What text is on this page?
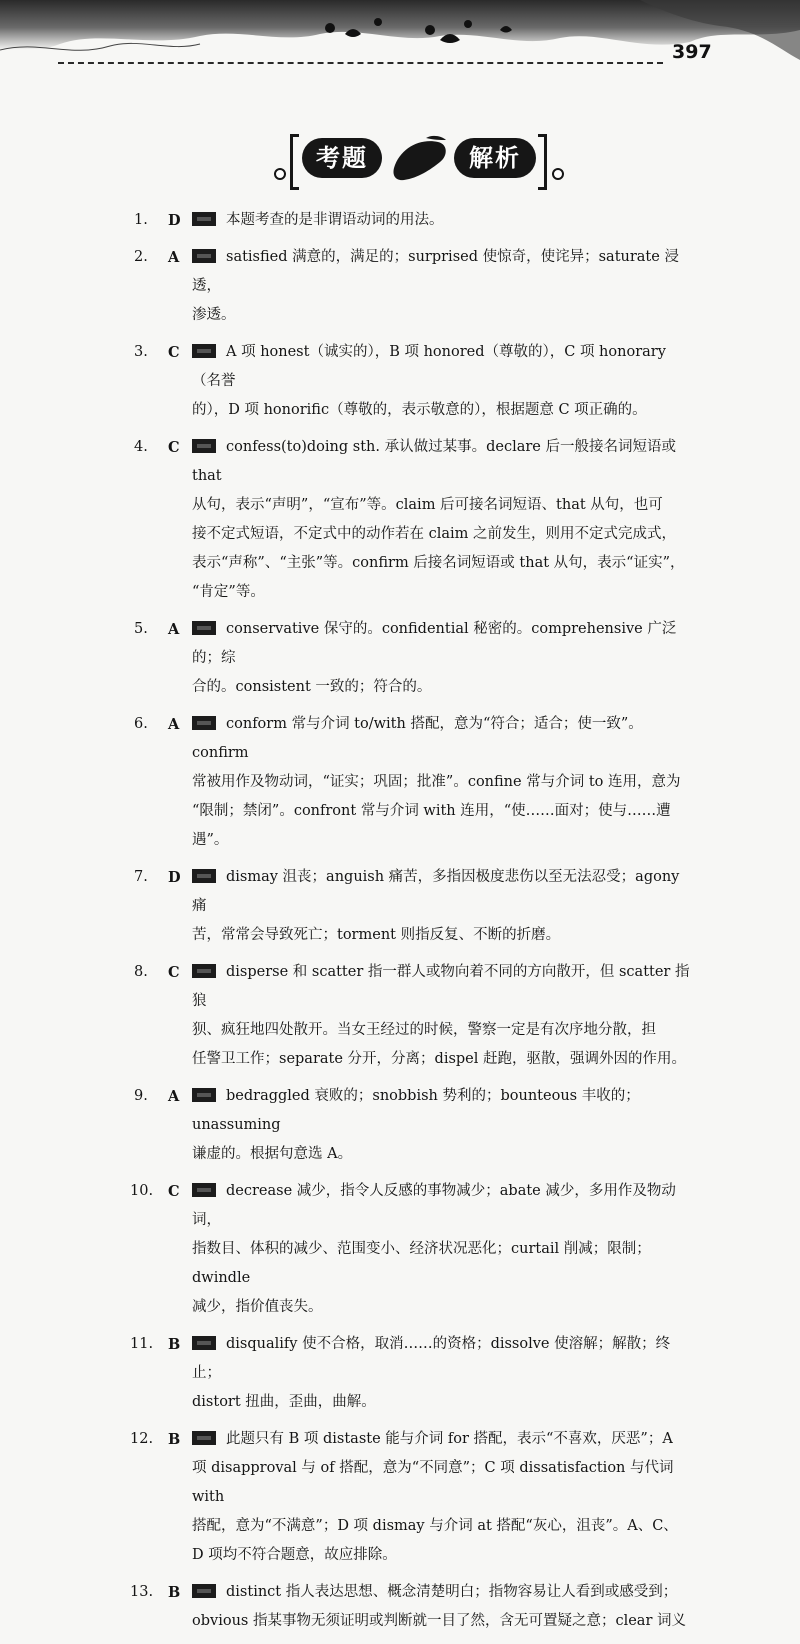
397
考题	解析
1.	D	本题考查的是非谓语动词的用法。
2.	A	satisfied 满意的，满足的；surprised 使惊奇，使诧异；saturate 浸透，
渗透。
3.	C	A 项 honest（诚实的），B 项 honored（尊敬的），C 项 honorary（名誉
的），D 项 honorific（尊敬的，表示敬意的），根据题意 C 项正确的。
4.	C	confess(to)doing sth. 承认做过某事。declare 后一般接名词短语或 that
从句，表示“声明”，“宣布”等。claim 后可接名词短语、that 从句，也可
接不定式短语，不定式中的动作若在 claim 之前发生，则用不定式完成式，
表示“声称”、“主张”等。confirm 后接名词短语或 that 从句，表示“证实”，
“肯定”等。
5.	A	conservative 保守的。confidential 秘密的。comprehensive 广泛的；综
合的。consistent 一致的；符合的。
6.	A	conform 常与介词 to/with 搭配，意为“符合；适合；使一致”。confirm
常被用作及物动词，“证实；巩固；批准”。confine 常与介词 to 连用，意为
“限制；禁闭”。confront 常与介词 with 连用，“使……面对；使与……遭遇”。
7.	D	dismay 沮丧；anguish 痛苦，多指因极度悲伤以至无法忍受；agony 痛
苦，常常会导致死亡；torment 则指反复、不断的折磨。
8.	C	disperse 和 scatter 指一群人或物向着不同的方向散开，但 scatter 指狼
狈、疯狂地四处散开。当女王经过的时候，警察一定是有次序地分散，担
任警卫工作；separate 分开，分离；dispel 赶跑，驱散，强调外因的作用。
9.	A	bedraggled 衰败的；snobbish 势利的；bounteous 丰收的；unassuming
谦虚的。根据句意选 A。
10.	C	decrease 减少，指令人反感的事物减少；abate 减少，多用作及物动词，
指数目、体积的减少、范围变小、经济状况恶化；curtail 削减；限制；dwindle
减少，指价值丧失。
11.	B	disqualify 使不合格，取消……的资格；dissolve 使溶解；解散；终止；
distort 扭曲，歪曲，曲解。
12.	B	此题只有 B 项 distaste 能与介词 for 搭配，表示“不喜欢，厌恶”；A
项 disapproval 与 of 搭配，意为“不同意”；C 项 dissatisfaction 与代词 with
搭配，意为“不满意”；D 项 dismay 与介词 at 搭配“灰心，沮丧”。A、C、
D 项均不符合题意，故应排除。
13.	B	distinct 指人表达思想、概念清楚明白；指物容易让人看到或感受到；
obvious 指某事物无须证明或判断就一目了然，含无可置疑之意；clear 词义
